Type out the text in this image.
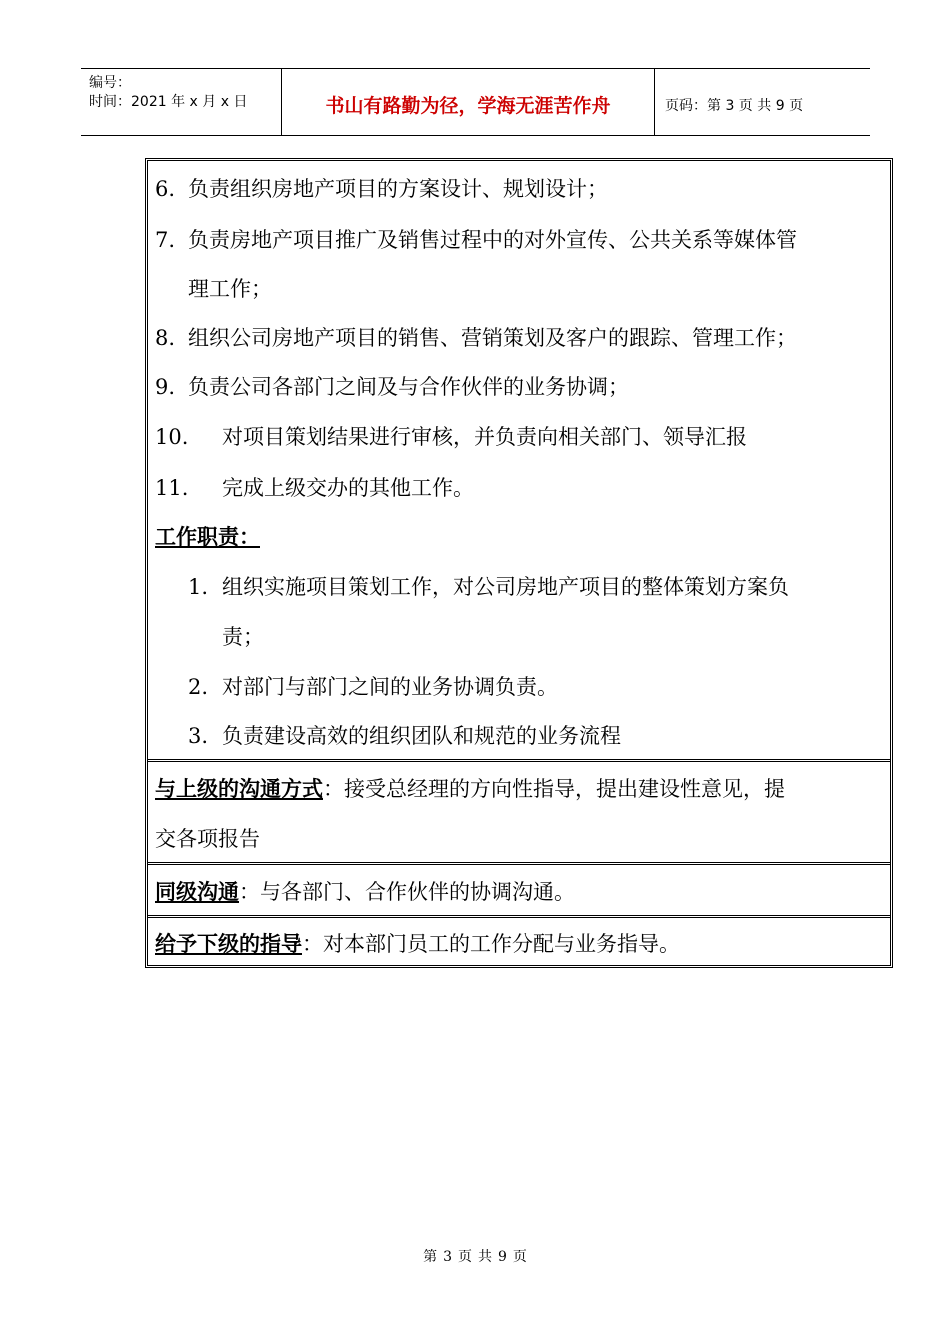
编号：
时间：2021 年 x 月 x 日	书山有路勤为径，学海无涯苦作舟	页码：第 3 页 共 9 页
6. 负责组织房地产项目的方案设计、规划设计；
7. 负责房地产项目推广及销售过程中的对外宣传、公共关系等媒体管
理工作；
8. 组织公司房地产项目的销售、营销策划及客户的跟踪、管理工作；
9. 负责公司各部门之间及与合作伙伴的业务协调；
10. 对项目策划结果进行审核，并负责向相关部门、领导汇报
11. 完成上级交办的其他工作。
工作职责：
1. 组织实施项目策划工作，对公司房地产项目的整体策划方案负
责；
2. 对部门与部门之间的业务协调负责。
3. 负责建设高效的组织团队和规范的业务流程
与上级的沟通方式：接受总经理的方向性指导，提出建设性意见，提
交各项报告
同级沟通：与各部门、合作伙伴的协调沟通。
给予下级的指导：对本部门员工的工作分配与业务指导。
第 3 页 共 9 页
